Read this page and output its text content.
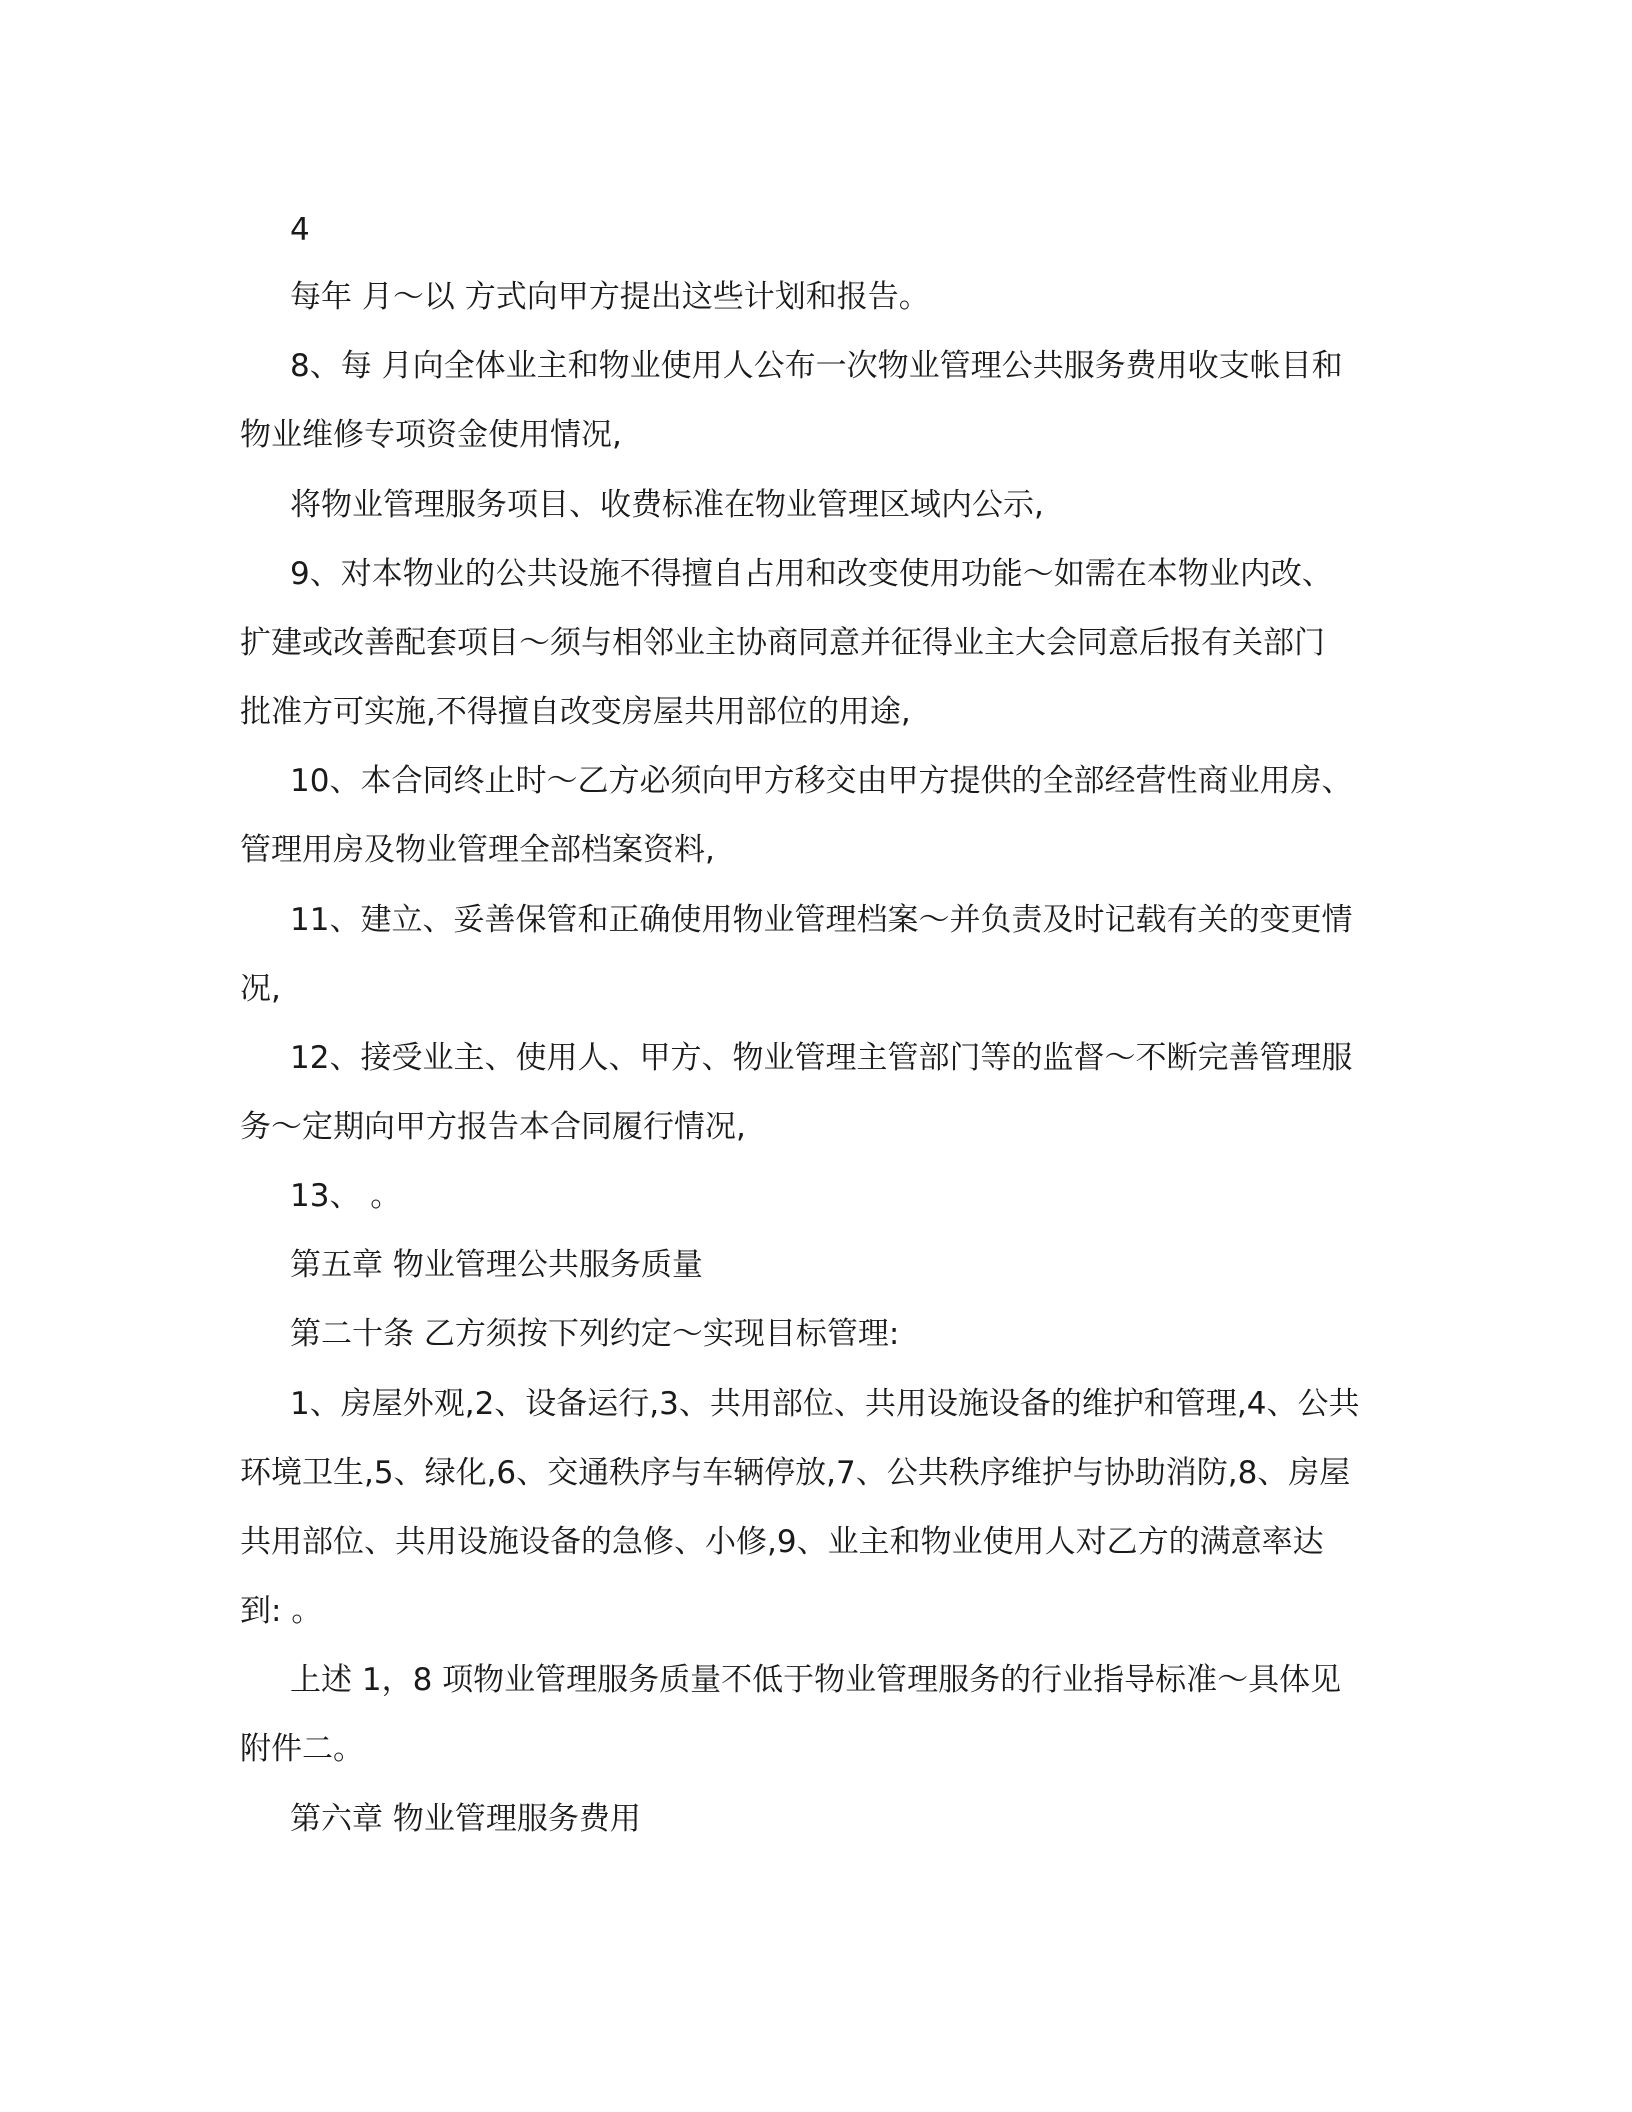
4
每年 月～以 方式向甲方提出这些计划和报告。
8、每 月向全体业主和物业使用人公布一次物业管理公共服务费用收支帐目和
物业维修专项资金使用情况,
将物业管理服务项目、收费标准在物业管理区域内公示,
9、对本物业的公共设施不得擅自占用和改变使用功能～如需在本物业内改、
扩建或改善配套项目～须与相邻业主协商同意并征得业主大会同意后报有关部门
批准方可实施,不得擅自改变房屋共用部位的用途,
10、本合同终止时～乙方必须向甲方移交由甲方提供的全部经营性商业用房、
管理用房及物业管理全部档案资料,
11、建立、妥善保管和正确使用物业管理档案～并负责及时记载有关的变更情
况,
12、接受业主、使用人、甲方、物业管理主管部门等的监督～不断完善管理服
务～定期向甲方报告本合同履行情况,
13、 。
第五章 物业管理公共服务质量
第二十条 乙方须按下列约定～实现目标管理:
1、房屋外观,2、设备运行,3、共用部位、共用设施设备的维护和管理,4、公共
环境卫生,5、绿化,6、交通秩序与车辆停放,7、公共秩序维护与协助消防,8、房屋
共用部位、共用设施设备的急修、小修,9、业主和物业使用人对乙方的满意率达
到: 。
上述 1，8 项物业管理服务质量不低于物业管理服务的行业指导标准～具体见
附件二。
第六章 物业管理服务费用
